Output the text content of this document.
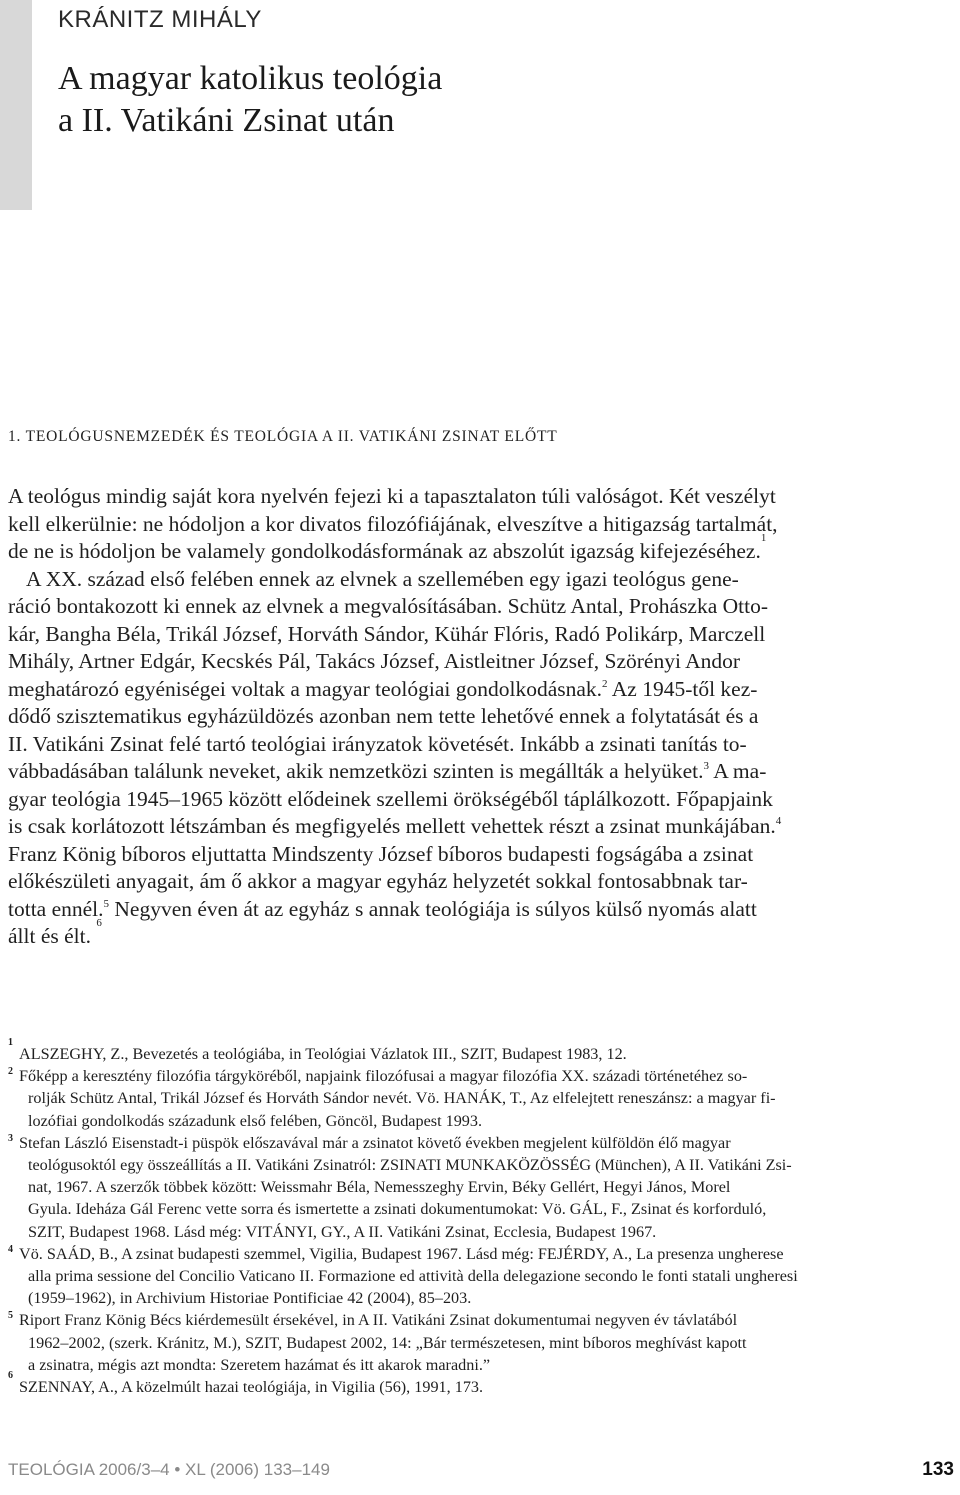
KRÁNITZ MIHÁLY
A magyar katolikus teológia
a II. Vatikáni Zsinat után
1. TEOLÓGUSNEMZEDÉK ÉS TEOLÓGIA A II. VATIKÁNI ZSINAT ELŐTT
A teológus mindig saját kora nyelvén fejezi ki a tapasztalaton túli valóságot. Két veszélyt
kell elkerülnie: ne hódoljon a kor divatos filozófiájának, elveszítve a hitigazság tartalmát,
de ne is hódoljon be valamely gondolkodásformának az abszolút igazság kifejezéséhez.
1
A XX. század első felében ennek az elvnek a szellemében egy igazi teológus gene-
ráció bontakozott ki ennek az elvnek a megvalósításában. Schütz Antal, Prohászka Otto-
kár, Bangha Béla, Trikál József, Horváth Sándor, Kühár Flóris, Radó Polikárp, Marczell
Mihály, Artner Edgár, Kecskés Pál, Takács József, Aistleitner József, Szörényi Andor
meghatározó egyéniségei voltak a magyar teológiai gondolkodásnak.$^2$ Az 1945-től kez-
dődő szisztematikus egyházüldözés azonban nem tette lehetővé ennek a folytatását és a
II. Vatikáni Zsinat felé tartó teológiai irányzatok követését. Inkább a zsinati tanítás to-
vábbadásában találunk neveket, akik nemzetközi szinten is megállták a helyüket.$^3$ A ma-
gyar teológia 1945–1965 között elődeinek szellemi örökségéből táplálkozott. Főpapjaink
is csak korlátozott létszámban és megfigyelés mellett vehettek részt a zsinat munkájában.$^4$
Franz König bíboros eljuttatta Mindszenty József bíboros budapesti fogságába a zsinat
előkészületi anyagait, ám ő akkor a magyar egyház helyzetét sokkal fontosabbnak tar-
totta ennél.$^5$ Negyven éven át az egyház s annak teológiája is súlyos külső nyomás alatt
állt és élt.

6
1
ALSZEGHY, Z., Bevezetés a teológiába, in Teológiai Vázlatok III., SZIT, Budapest 1983, 12.
$^2$ Főképp a keresztény filozófia tárgyköréből, napjaink filozófusai a magyar filozófia XX. századi történetéhez so-
rolják Schütz Antal, Trikál József és Horváth Sándor nevét. Vö. HANÁK, T., Az elfelejtett reneszánsz: a magyar fi-
lozófiai gondolkodás századunk első felében, Göncöl, Budapest 1993.
$^3$ Stefan László Eisenstadt-i püspök előszavával már a zsinatot követő években megjelent külföldön élő magyar
teológusoktól egy összeállítás a II. Vatikáni Zsinatról: ZSINATI MUNKAKÖZÖSSÉG (München), A II. Vatikáni Zsi-
nat, 1967. A szerzők többek között: Weissmahr Béla, Nemesszeghy Ervin, Béky Gellért, Hegyi János, Morel
Gyula. Ideháza Gál Ferenc vette sorra és ismertette a zsinati dokumentumokat: Vö. GÁL, F., Zsinat és korforduló,
SZIT, Budapest 1968. Lásd még: VITÁNYI, GY., A II. Vatikáni Zsinat, Ecclesia, Budapest 1967.
$^4$ Vö. SAÁD, B., A zsinat budapesti szemmel, Vigilia, Budapest 1967. Lásd még: FEJÉRDY, A., La presenza ungherese
alla prima sessione del Concilio Vaticano II. Formazione ed attività della delegazione secondo le fonti statali ungheresi
(1959–1962), in Archivium Historiae Pontificiae 42 (2004), 85–203.
$^5$ Riport Franz König Bécs kiérdemesült érsekével, in A II. Vatikáni Zsinat dokumentumai negyven év távlatából
1962–2002, (szerk. Kránitz, M.), SZIT, Budapest 2002, 14: „Bár természetesen, mint bíboros meghívást kapott
a zsinatra, mégis azt mondta: Szeretem hazámat és itt akarok maradni.”
6
SZENNAY, A., A közelmúlt hazai teológiája, in Vigilia (56), 1991, 173.
TEOLÓGIA 2006/3–4 • XL (2006) 133–149	133
